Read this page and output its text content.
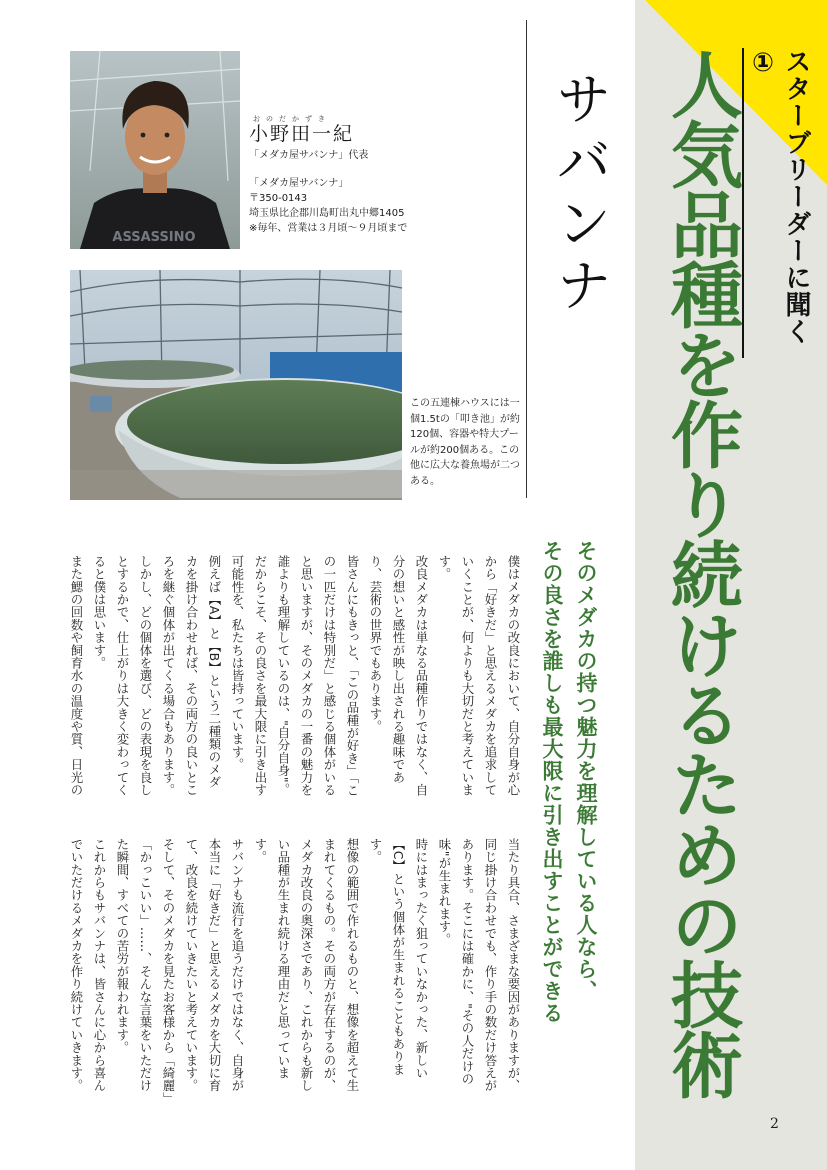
スターブリーダーに聞く①
人気品種を作り続けるための技術
2
サバンナ
ASSASSINO
おのだかずき
小野田一紀
「メダカ屋サバンナ」代表
「メダカ屋サバンナ」
〒350-0143
埼玉県比企郡川島町出丸中郷1405
※毎年、営業は３月頃〜９月頃まで
この五連棟ハウスには一個1.5tの「叩き池」が約120個、容器や特大プールが約200個ある。この他に広大な養魚場が二つある。
そのメダカの持つ魅力を理解している人なら、
その良さを誰しも最大限に引き出すことができる

僕はメダカの改良において、自分自身が心から「好きだ」と思えるメダカを追求していくことが、何よりも大切だと考えています。

改良メダカは単なる品種作りではなく、自分の想いと感性が映し出される趣味であり、芸術の世界でもあります。

皆さんにもきっと、「この品種が好き」「この一匹だけは特別だ」と感じる個体がいると思いますが、そのメダカの一番の魅力を誰よりも理解しているのは、"自分自身"。だからこそ、その良さを最大限に引き出す可能性を、私たちは皆持っています。

例えば【A】と【B】という二種類のメダカを掛け合わせれば、その両方の良いところを継ぐ個体が出てくる場合もあります。

しかし、どの個体を選び、どの表現を良しとするかで、仕上がりは大きく変わってくると僕は思います。

また鰓の回数や飼育水の温度や質、日光の

当たり具合、さまざまな要因がありますが、同じ掛け合わせでも、作り手の数だけ答えがあります。そこには確かに、"その人だけの味"が生まれます。

時にはまったく狙っていなかった、新しい【C】という個体が生まれることもあります。

想像の範囲で作れるものと、想像を超えて生まれてくるもの。その両方が存在するのが、メダカ改良の奥深さであり、これからも新しい品種が生まれ続ける理由だと思っています。

サバンナも流行を追うだけではなく、自身が本当に「好きだ」と思えるメダカを大切に育て、改良を続けていきたいと考えています。

そして、そのメダカを見たお客様から「綺麗」「かっこいい」……、そんな言葉をいただけた瞬間、すべての苦労が報われます。

これからもサバンナは、皆さんに心から喜んでいただけるメダカを作り続けていきます。
